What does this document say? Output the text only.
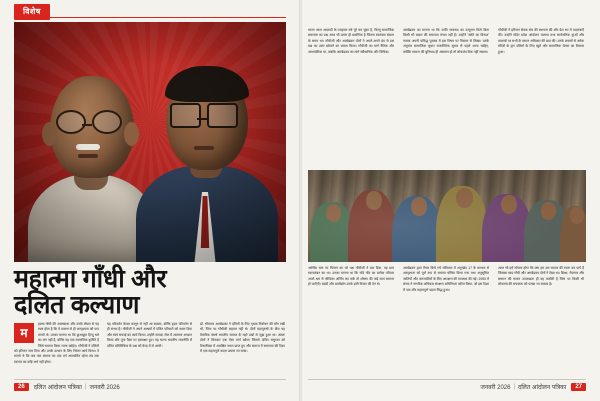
विशेष
महात्मा गाँधी और
दलित कल्याण
म
हात्मा गाँधी की आत्मकथा और उनके लेखन से यह स्पष्ट होता है कि वे प्रारम्भ से ही अस्पृश्यता को पाप मानते थे। उनका मानना था कि छुआछूत हिन्दू धर्म का अंग नहीं है, बल्कि यह एक सामाजिक कुरीति है जिसे समाप्त किया जाना चाहिए। गाँधीजी ने दलितों को हरिजन नाम दिया और उनके उत्थान के लिए निरंतर कार्य किया। वे मानते थे कि जब तक समाज का एक वर्ग अपमानित रहेगा तब तक स्वराज का कोई अर्थ नहीं होगा।
यह परिवर्तन केवल कानून से नहीं आ सकता, बल्कि हृदय परिवर्तन से ही संभव है। गाँधीजी ने अपने आश्रमों में दलित परिवारों को स्थान दिया और स्वयं सफाई का कार्य किया। उन्होंने यरवदा जेल में आमरण अनशन किया और पूना पैक्ट पर हस्ताक्षर हुए। यह घटना भारतीय राजनीति में दलित प्रतिनिधित्व के प्रश्न को केन्द्र में ले आयी।
डॉ. भीमराव आम्बेडकर ने दलितों के लिए पृथक निर्वाचन की माँग रखी थी, जिस पर गाँधीजी सहमत नहीं थे। दोनों महापुरुषों के बीच यह वैचारिक संघर्ष भारतीय समाज के गहरे प्रश्नों से जुड़ा हुआ था। अंततः दोनों ने मिलकर एक ऐसा मार्ग खोजा जिससे दलित समुदाय को विधायिका में आरक्षित स्थान प्राप्त हुए और समाज में समानता की दिशा में एक महत्वपूर्ण कदम उठाया जा सका।
26	दलित आंदोलन पत्रिका | जनवरी 2026
भारत आज आज़ादी के पचहत्तर वर्ष पूरे कर चुका है, किन्तु सामाजिक समानता का प्रश्न आज भी उतना ही प्रासंगिक है जितना स्वतंत्रता संग्राम के समय था। गाँधीजी और आम्बेडकर दोनों ने अपने-अपने ढंग से इस प्रश्न का उत्तर खोजने का प्रयास किया। गाँधीजी का मार्ग नैतिक और आध्यात्मिक था, जबकि आम्बेडकर का मार्ग संवैधानिक और विधिक।
आम्बेडकर का मानना था कि जाति व्यवस्था का उन्मूलन किये बिना किसी भी प्रकार की समानता संभव नहीं है। उन्होंने 'जाति का विनाश' नामक अपनी प्रसिद्ध पुस्तक में इस विषय पर विस्तार से लिखा। उनके अनुसार सामाजिक सुधार राजनीतिक सुधार से पहले आना चाहिए, क्योंकि समाज की बुनियाद ही असमान हो तो लोकतंत्र टिक नहीं सकता।
गाँधीजी ने हरिजन सेवक संघ की स्थापना की और देश भर में पदयात्राएँ कीं। उन्होंने मंदिर प्रवेश आंदोलन चलाया तथा सार्वजनिक कुओं और तालाबों पर सभी के समान अधिकार की बात की। उनके प्रयासों से अनेक मंदिरों के द्वार दलितों के लिए खुले और सामाजिक चेतना का विस्तार हुआ।
आर्थिक स्तर पर चिन्तन का जो पक्ष गाँधीजी ने बल दिया, वह ग्राम स्वावलंबन का था। उनका मानना था कि यदि गाँव का प्रत्येक परिवार अपने श्रम से जीविका अर्जित कर सके तो शोषण की जड़ें स्वयं समाप्त हो जाएँगी। खादी और ग्रामोद्योग उनके इसी विचार की देन थे।
आम्बेडकर द्वारा तैयार किये गये संविधान में अनुच्छेद 17 के माध्यम से अस्पृश्यता को पूर्ण रूप से समाप्त घोषित किया गया तथा अनुसूचित जातियों और जनजातियों के लिए आरक्षण की व्यवस्था की गई। 1955 में संसद ने नागरिक अधिकार संरक्षण अधिनियम पारित किया, जो इस दिशा में एक और महत्वपूर्ण पड़ाव सिद्ध हुआ।
आज भी हमें सोचना होगा कि क्या हम उस समाज की रचना कर पाये हैं जिसका स्वप्न गाँधी और आम्बेडकर दोनों ने देखा था। शिक्षा, रोज़गार और सम्मान की समान उपलब्धता ही वह कसौटी है जिस पर किसी भी लोकतंत्र की सफलता को परखा जा सकता है।
जनवरी 2026 | दलित आंदोलन पत्रिका	27
